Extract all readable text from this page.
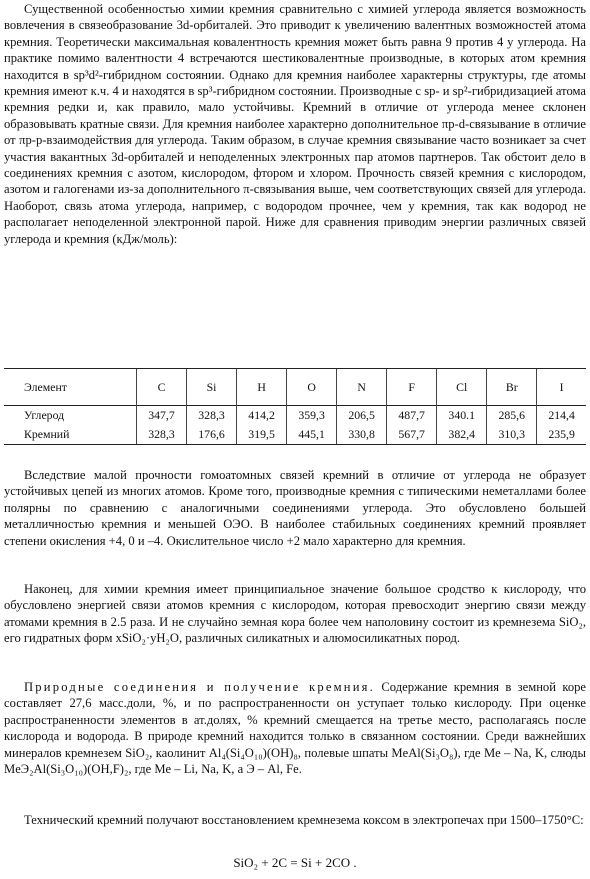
Существенной особенностью химии кремния сравнительно с химией углерода является возможность вовлечения в связеобразование 3d-орбиталей. Это приводит к увеличению валентных возможностей атома кремния. Теоретически максимальная ковалентность кремния может быть равна 9 против 4 у углерода. На практике помимо валентности 4 встречаются шестиковалентные производные, в которых атом кремния находится в sp³d²-гибридном состоянии. Однако для кремния наиболее характерны структуры, где атомы кремния имеют к.ч. 4 и находятся в sp³-гибридном состоянии. Производные с sp- и sp²-гибридизацией атома кремния редки и, как правило, мало устойчивы. Кремний в отличие от углерода менее склонен образовывать кратные связи. Для кремния наиболее характерно дополнительное πp-d-связывание в отличие от πp-p-взаимодействия для углерода. Таким образом, в случае кремния связывание часто возникает за счет участия вакантных 3d-орбиталей и неподеленных электронных пар атомов партнеров. Так обстоит дело в соединениях кремния с азотом, кислородом, фтором и хлором. Прочность связей кремния с кислородом, азотом и галогенами из-за дополнительного π-связывания выше, чем соответствующих связей для углерода. Наоборот, связь атома углерода, например, с водородом прочнее, чем у кремния, так как водород не располагает неподеленной электронной парой. Ниже для сравнения приводим энергии различных связей углерода и кремния (кДж/моль):

Элемент	C	Si	H	O	N	F	Cl	Br	I

Углерод	347,7	328,3	414,2	359,3	206,5	487,7	340.1	285,6	214,4
Кремний	328,3	176,6	319,5	445,1	330,8	567,7	382,4	310,3	235,9

Вследствие малой прочности гомоатомных связей кремний в отличие от углерода не образует устойчивых цепей из многих атомов. Кроме того, производные кремния с типическими неметаллами более полярны по сравнению с аналогичными соединениями углерода. Это обусловлено большей металличностью кремния и меньшей ОЭО. В наиболее стабильных соединениях кремний проявляет степени окисления +4, 0 и –4. Окислительное число +2 мало характерно для кремния.

Наконец, для химии кремния имеет принципиальное значение большое сродство к кислороду, что обусловлено энергией связи атомов кремния с кислородом, которая превосходит энергию связи между атомами кремния в 2.5 раза. И не случайно земная кора более чем наполовину состоит из кремнезема SiO₂, его гидратных форм xSiO₂·yH₂O, различных силикатных и алюмосиликатных пород.

Природные соединения и получение кремния. Содержание кремния в земной коре составляет 27,6 масс.доли, %, и по распространенности он уступает только кислороду. При оценке распространенности элементов в ат.долях, % кремний смещается на третье место, располагаясь после кислорода и водорода. В природе кремний находится только в связанном состоянии. Среди важнейших минералов кремнезем SiO₂, каолинит Al₄(Si₄O₁₀)(OH)₈, полевые шпаты MeAl(Si₃O₈), где Me – Na, K, слюды MeЭ₂Al(Si₃O₁₀)(OH,F)₂, где Me – Li, Na, K, а Э – Al, Fe.

Технический кремний получают восстановлением кремнезема коксом в электропечах при 1500–1750°C:

SiO₂ + 2C = Si + 2CO .
